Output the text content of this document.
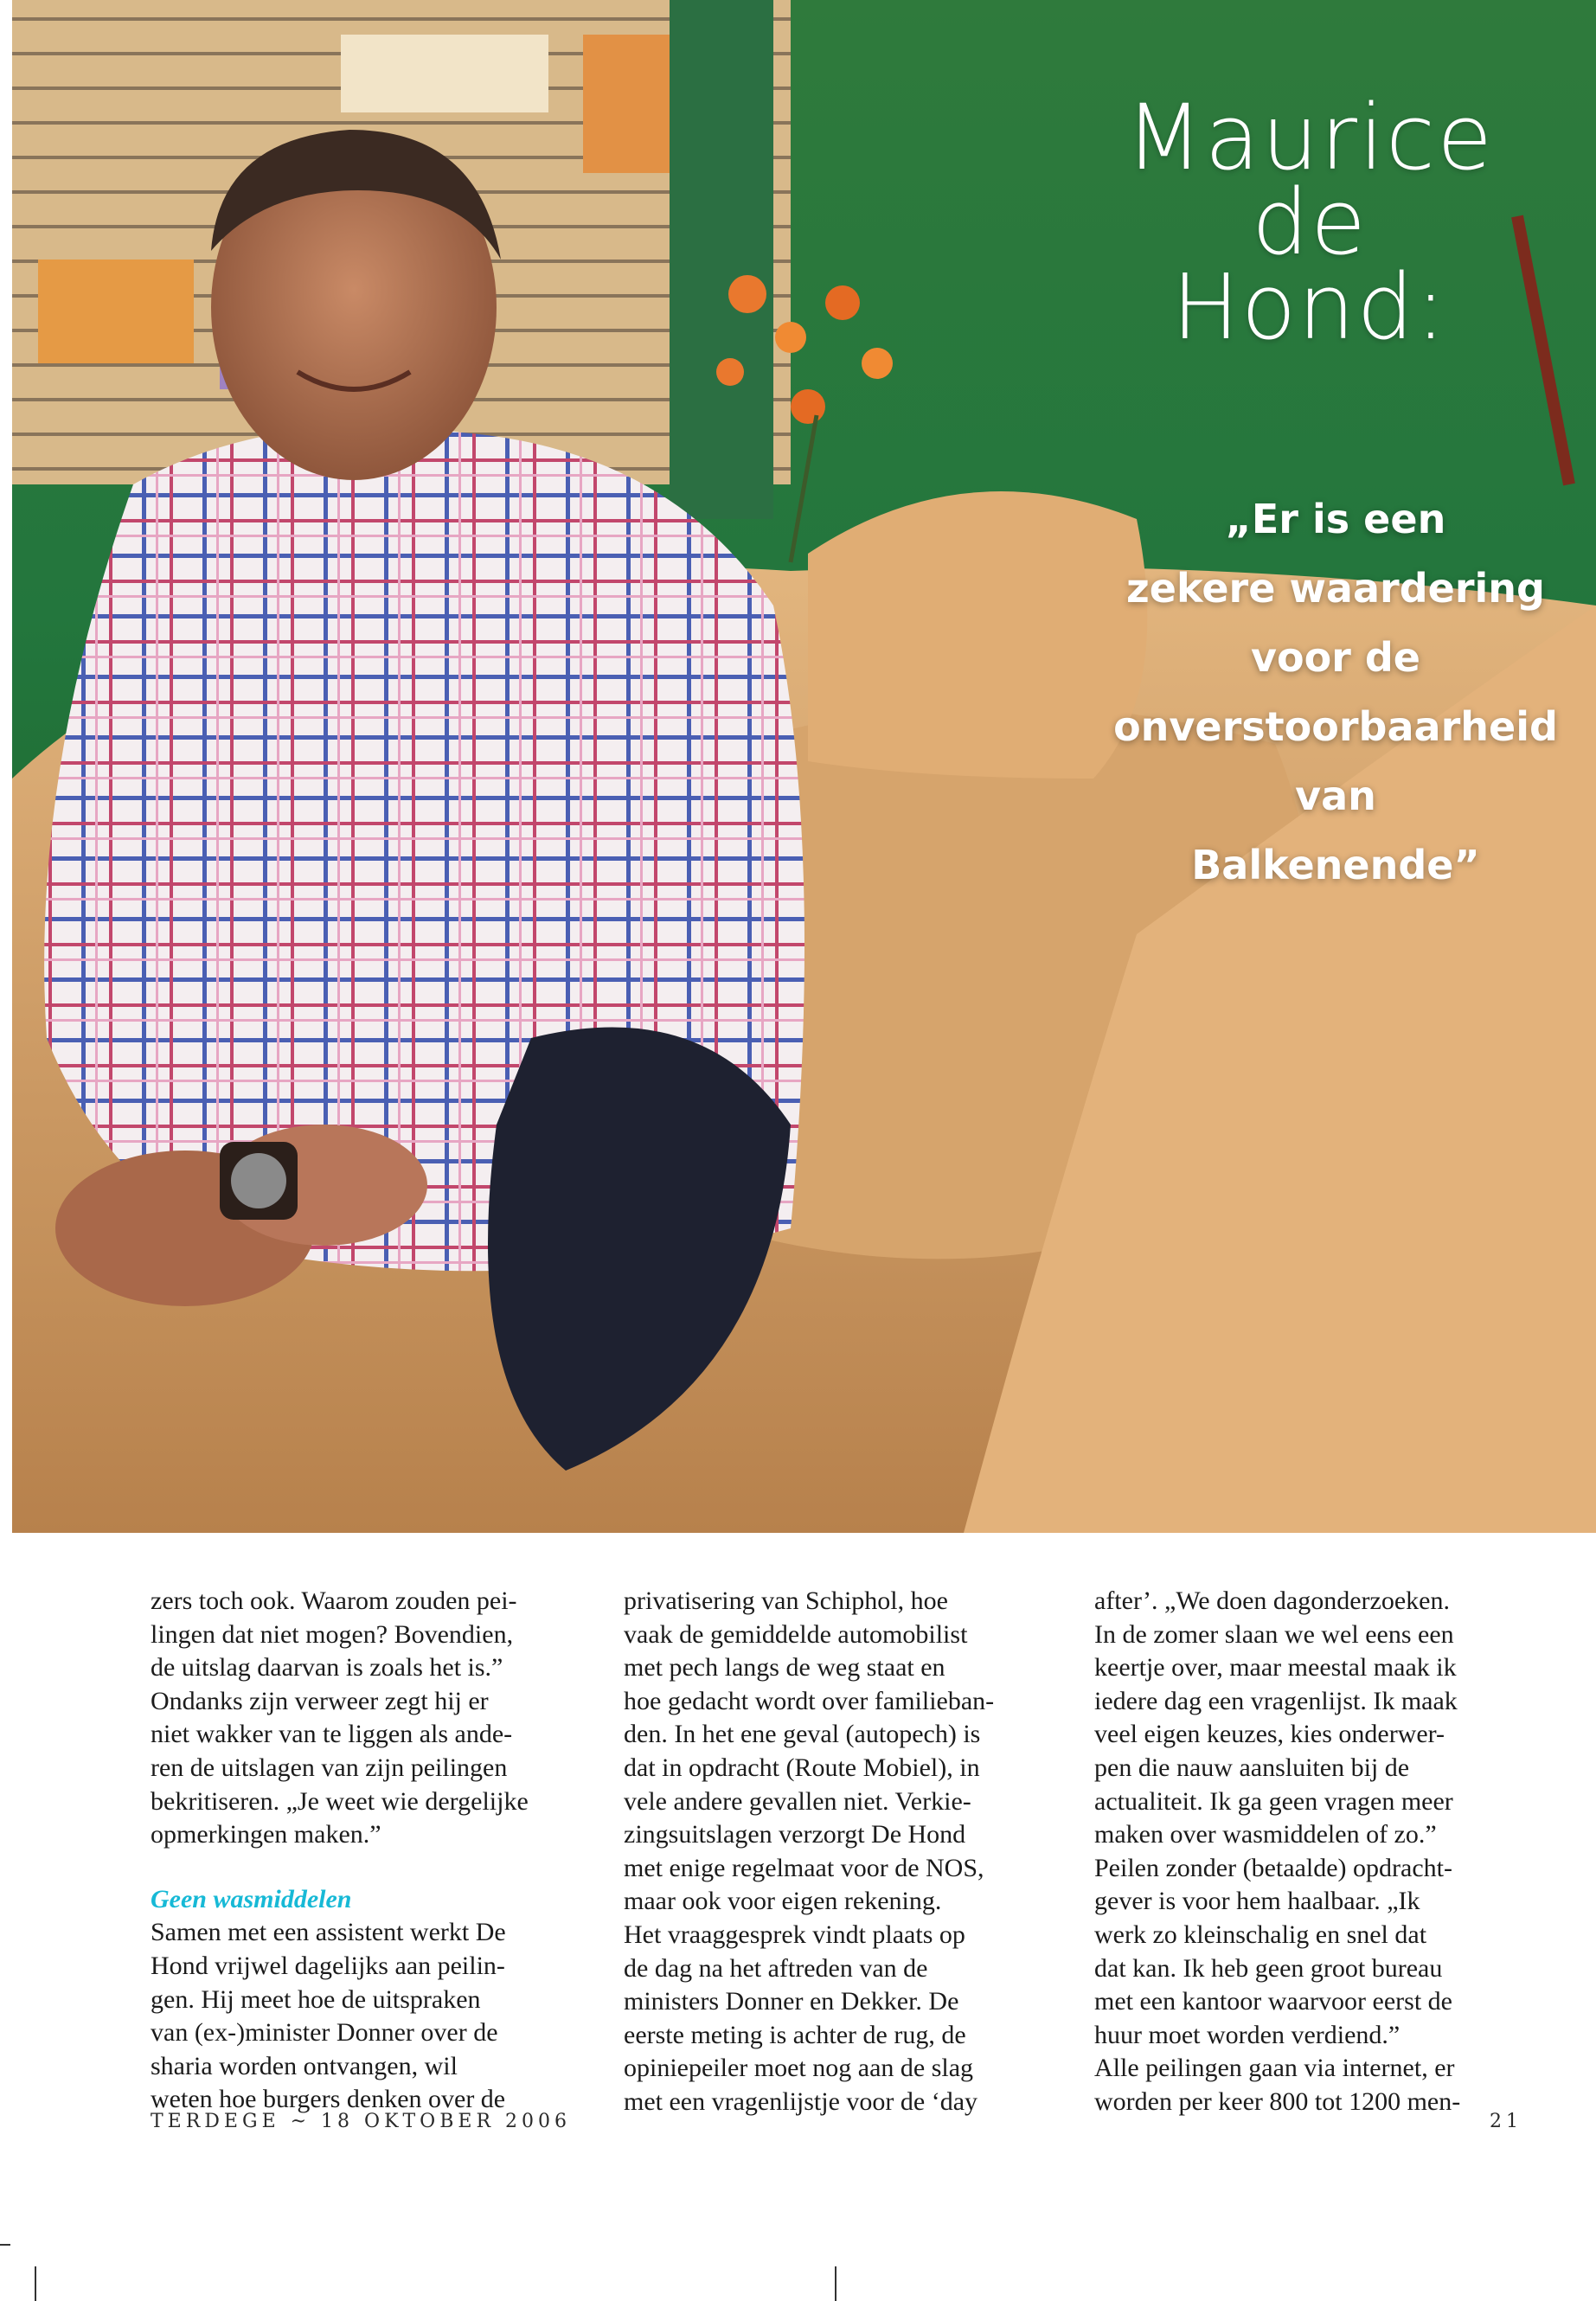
Maurice
de
Hond:
„Er is een
zekere waardering
voor de
onverstoorbaarheid
van
Balkenende”

zers toch ook. Waarom zouden pei-

lingen dat niet mogen? Bovendien,

de uitslag daarvan is zoals het is.”

Ondanks zijn verweer zegt hij er

niet wakker van te liggen als ande-

ren de uitslagen van zijn peilingen

bekritiseren. „Je weet wie dergelijke

opmerkingen maken.”

Geen wasmiddelen

Samen met een assistent werkt De

Hond vrijwel dagelijks aan peilin-

gen. Hij meet hoe de uitspraken

van (ex-)minister Donner over de

sharia worden ontvangen, wil

weten hoe burgers denken over de

privatisering van Schiphol, hoe

vaak de gemiddelde automobilist

met pech langs de weg staat en

hoe gedacht wordt over familieban-

den. In het ene geval (autopech) is

dat in opdracht (Route Mobiel), in

vele andere gevallen niet. Verkie-

zingsuitslagen verzorgt De Hond

met enige regelmaat voor de NOS,

maar ook voor eigen rekening.

Het vraaggesprek vindt plaats op

de dag na het aftreden van de

ministers Donner en Dekker. De

eerste meting is achter de rug, de

opiniepeiler moet nog aan de slag

met een vragenlijstje voor de ‘day

after’. „We doen dagonderzoeken.

In de zomer slaan we wel eens een

keertje over, maar meestal maak ik

iedere dag een vragenlijst. Ik maak

veel eigen keuzes, kies onderwer-

pen die nauw aansluiten bij de

actualiteit. Ik ga geen vragen meer

maken over wasmiddelen of zo.”

Peilen zonder (betaalde) opdracht-

gever is voor hem haalbaar. „Ik

werk zo kleinschalig en snel dat

dat kan. Ik heb geen groot bureau

met een kantoor waarvoor eerst de

huur moet worden verdiend.”

Alle peilingen gaan via internet, er

worden per keer 800 tot 1200 men-

TERDEGE ~ 18 OKTOBER 2006	21
